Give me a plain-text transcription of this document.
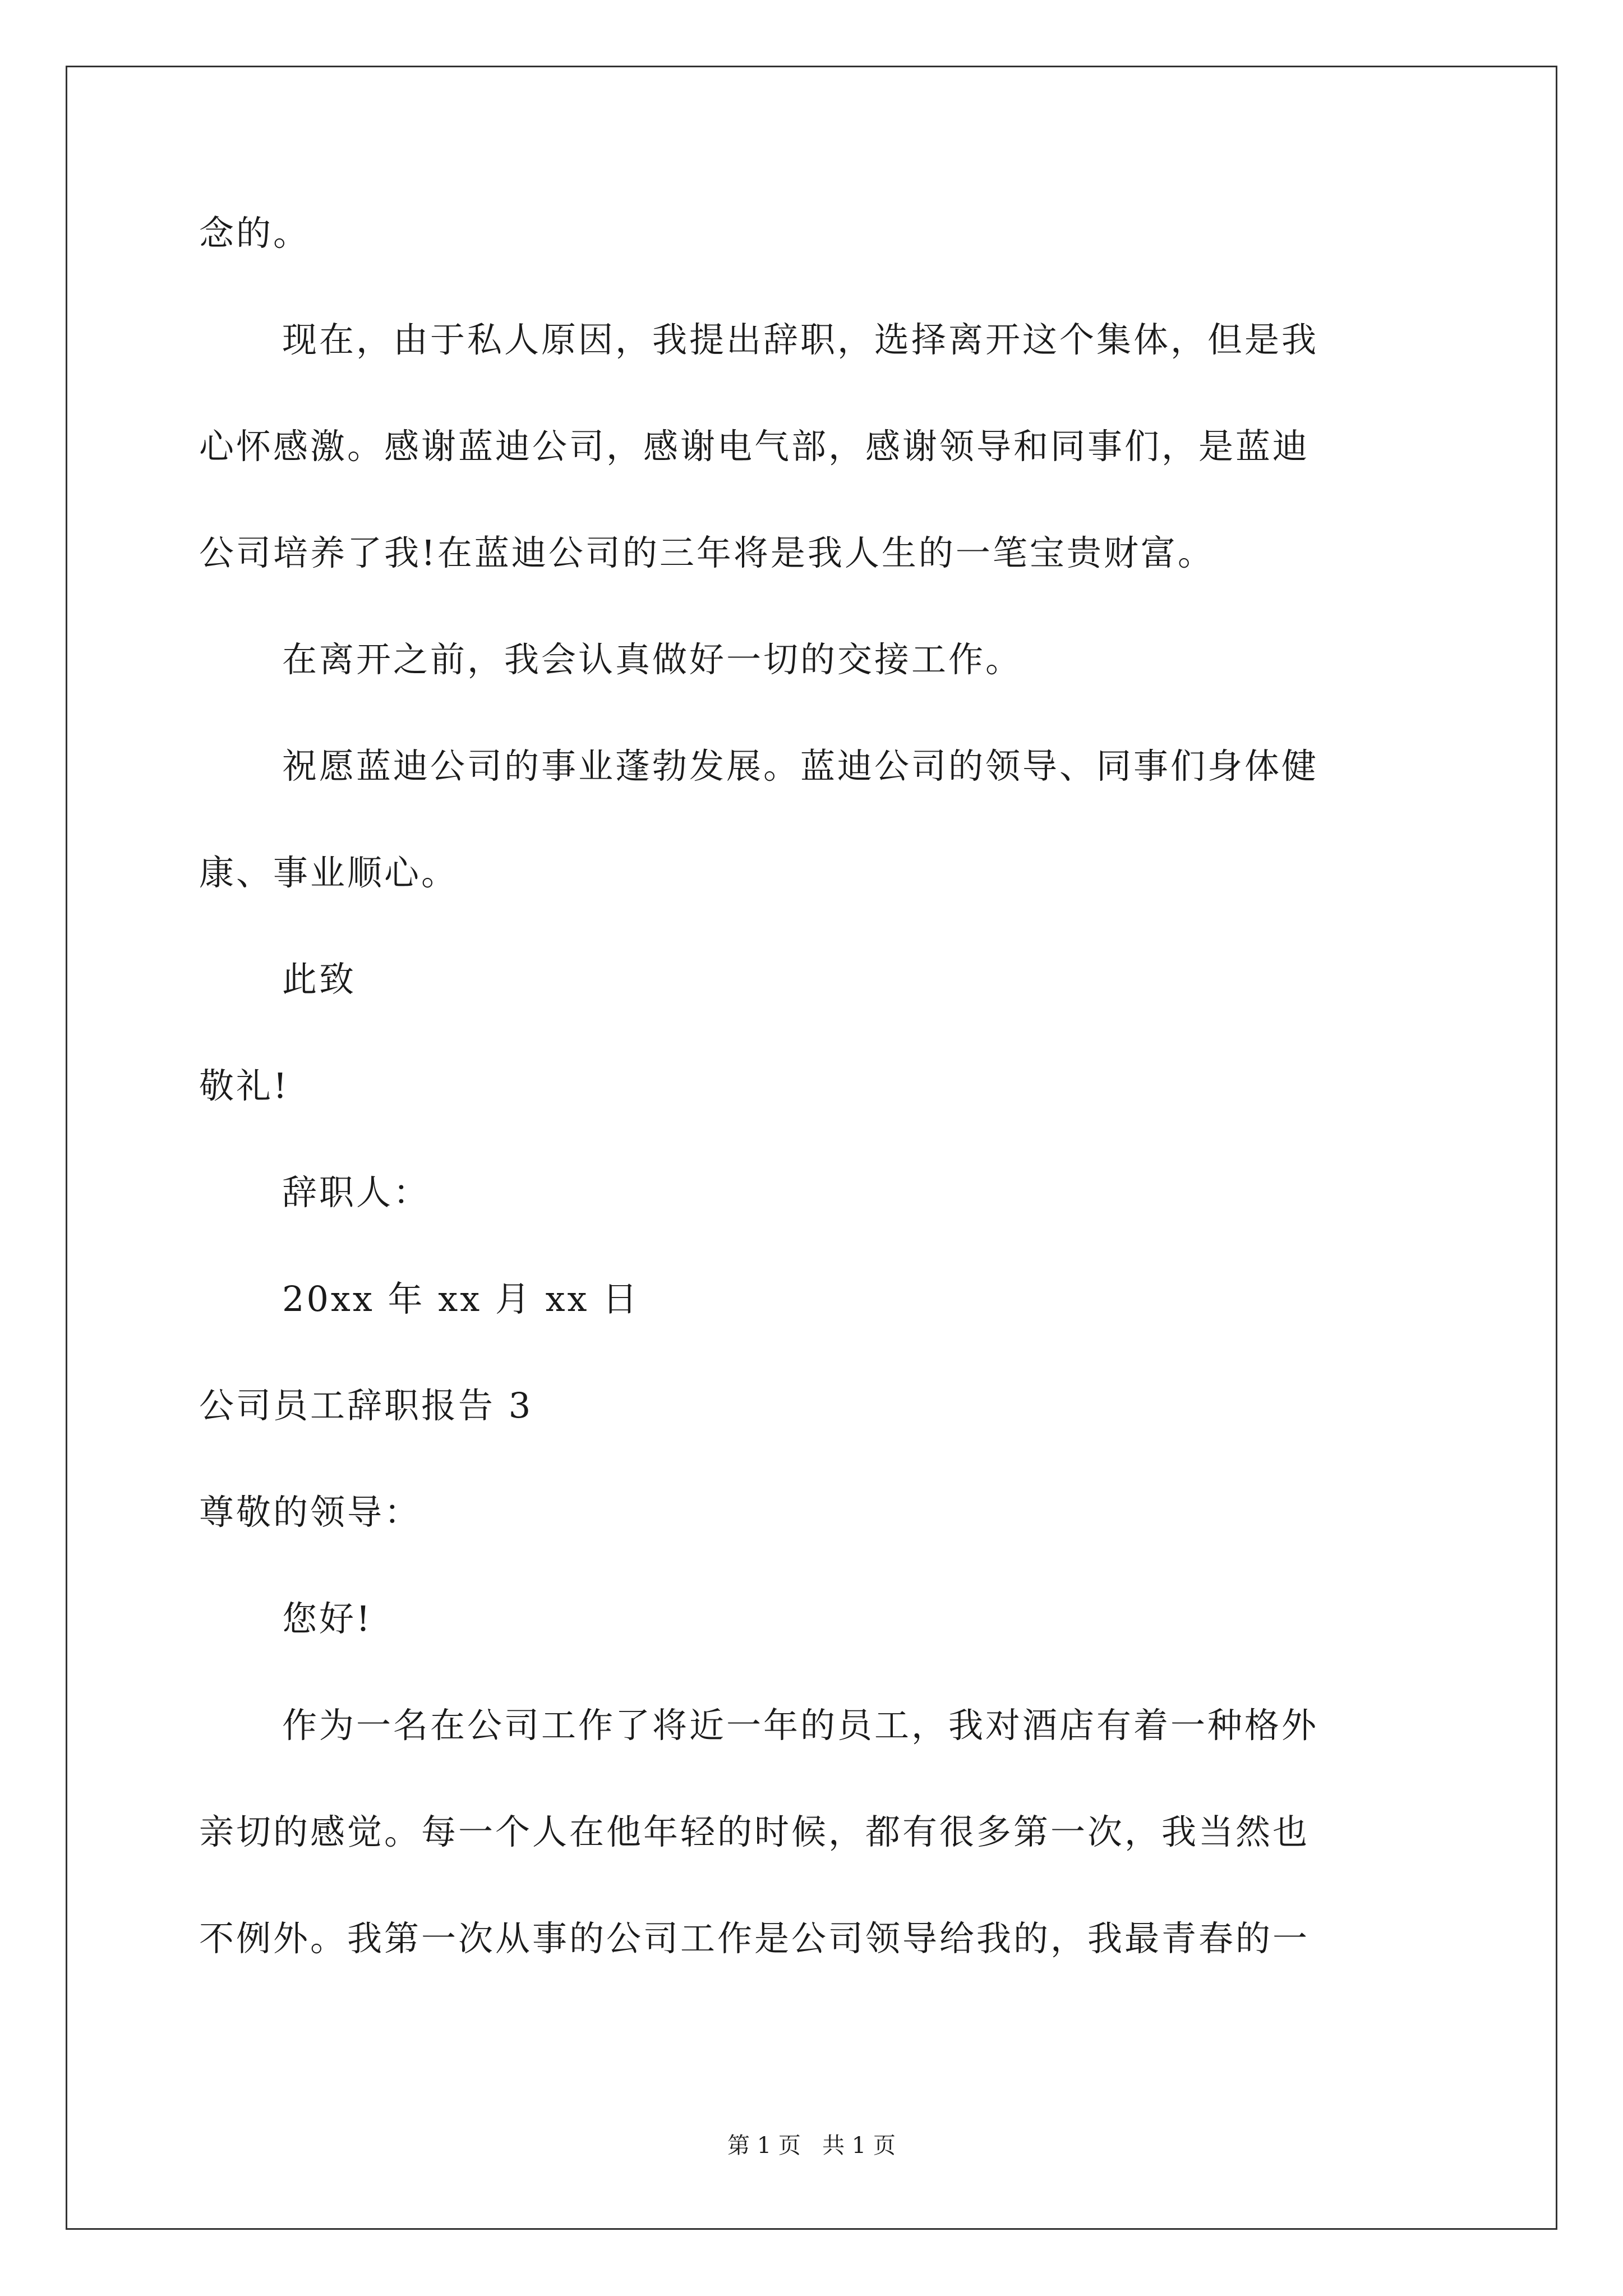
念的。
现在，由于私人原因，我提出辞职，选择离开这个集体，但是我
心怀感激。感谢蓝迪公司，感谢电气部，感谢领导和同事们，是蓝迪
公司培养了我!在蓝迪公司的三年将是我人生的一笔宝贵财富。
在离开之前，我会认真做好一切的交接工作。
祝愿蓝迪公司的事业蓬勃发展。蓝迪公司的领导、同事们身体健
康、事业顺心。
此致
敬礼!
辞职人：
20xx 年 xx 月 xx 日
公司员工辞职报告 3
尊敬的领导：
您好!
作为一名在公司工作了将近一年的员工，我对酒店有着一种格外
亲切的感觉。每一个人在他年轻的时候，都有很多第一次，我当然也
不例外。我第一次从事的公司工作是公司领导给我的，我最青春的一
第 1 页   共 1 页
